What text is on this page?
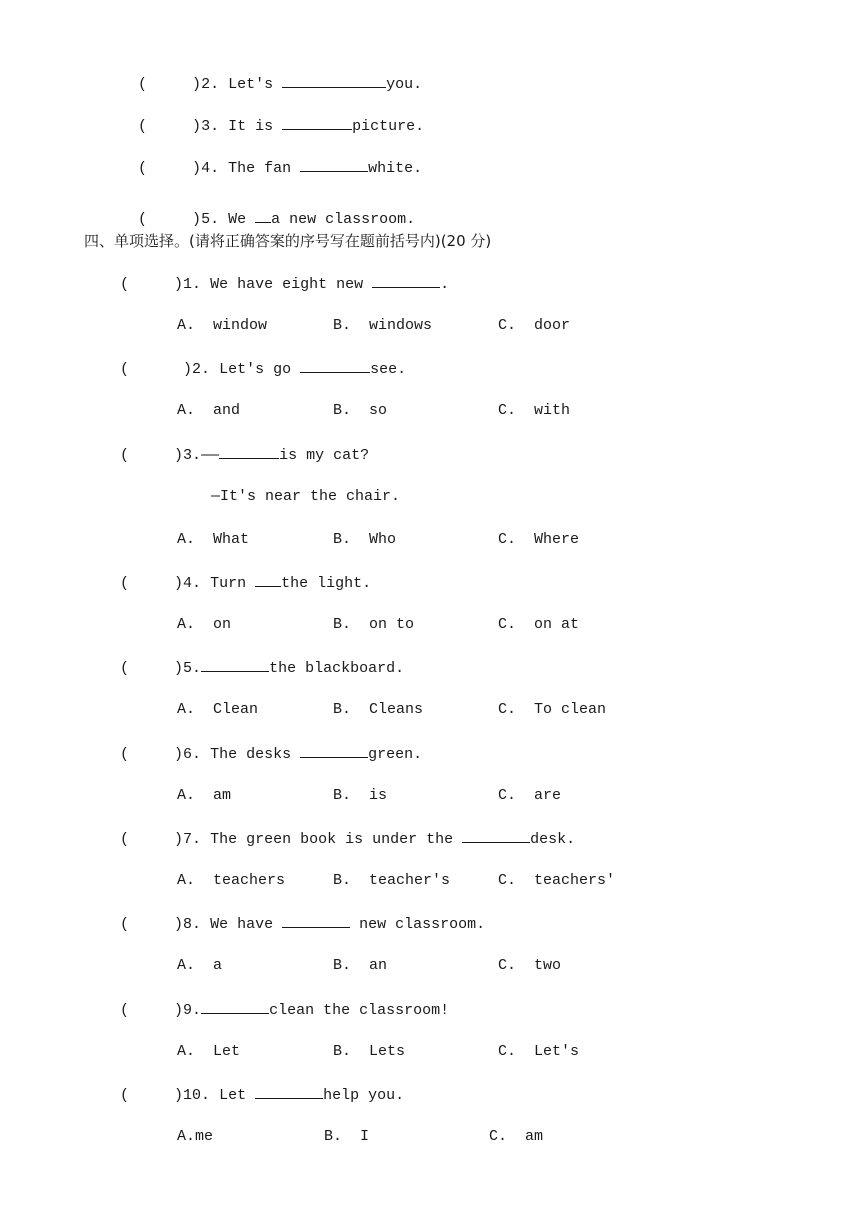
(	)2. Let's	you.

(	)3. It is	picture.

(	)4. The fan	white.

(	)5. We a new classroom.

四、单项选择。(请将正确答案的序号写在题前括号内)(20 分)
(	)1. We have eight new	.
A.  window	B.  windows	C.  door
(	)2. Let's go	see.
A.  and	B.  so	C.  with
(	)3.——	is my cat?
—It's near the chair.
A.  What	B.  Who	C.  Where
(	)4. Turn the light.
A.  on	B.  on to	C.  on at
(	)5.	the blackboard.
A.  Clean	B.  Cleans	C.  To clean
(	)6. The desks	green.
A.  am	B.  is	C.  are
(	)7. The green book is under the	desk.
A.  teachers	B.  teacher's	C.  teachers'
(	)8. We have	new classroom.
A.  a	B.  an	C.  two
(	)9.	clean the classroom!
A.  Let	B.  Lets	C.  Let's
(	)10. Let	help you.
A.me	B.  I	C.  am
